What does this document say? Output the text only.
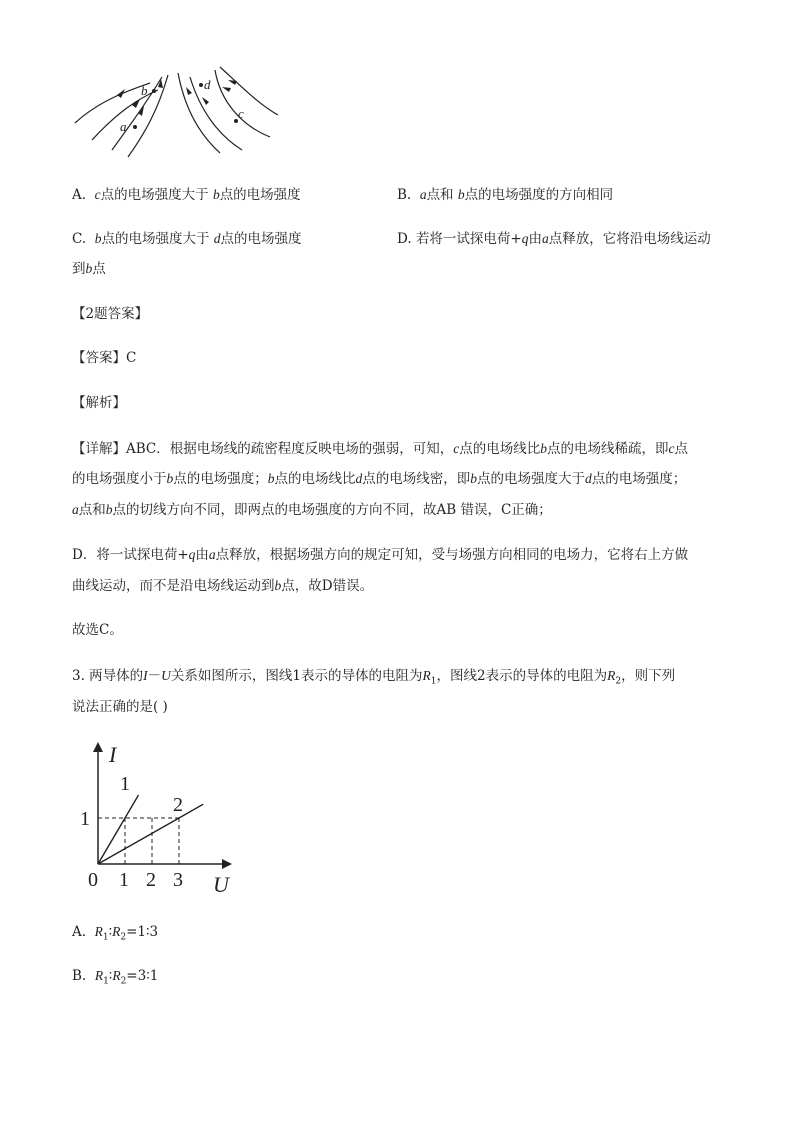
a
b
c
d
A. c点的电场强度大于 b点的电场强度	B. a点和 b点的电场强度的方向相同
C. b点的电场强度大于 d点的电场强度	D. 若将一试探电荷+q由a点释放，它将沿电场线运动
到b点
【2题答案】
【答案】C
【解析】
【详解】ABC．根据电场线的疏密程度反映电场的强弱，可知，c点的电场线比b点的电场线稀疏，即c点
的电场强度小于b点的电场强度；b点的电场线比d点的电场线密，即b点的电场强度大于d点的电场强度；
a点和b点的切线方向不同，即两点的电场强度的方向不同，故AB 错误，C正确；
D．将一试探电荷+q由a点释放，根据场强方向的规定可知，受与场强方向相同的电场力，它将右上方做
曲线运动，而不是沿电场线运动到b点，故D错误。
故选C。
3. 两导体的I－U关系如图所示，图线1表示的导体的电阻为$R_1$，图线2表示的导体的电阻为$R_2$，则下列
说法正确的是( )
I
U
0 1 2 3
1
1
2
A. $R_1∶R_2=1∶3$
B. $R_1∶R_2=3∶1$
